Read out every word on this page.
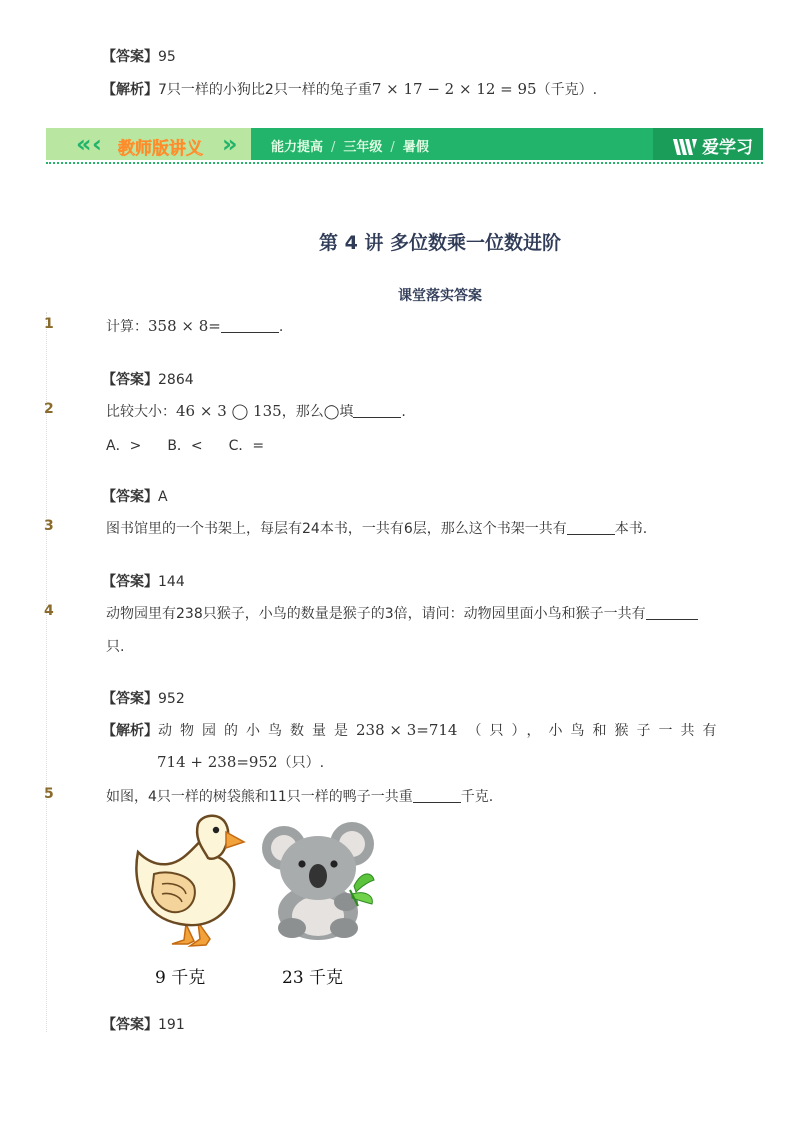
【答案】95
【解析】7只一样的小狗比2只一样的兔子重7 × 17 − 2 × 12 = 95（千克）.
« ‹ 教师版讲义 »	能力提高 / 三年级 / 暑假	爱学习
第 4 讲 多位数乘一位数进阶
课堂落实答案
1	计算：358 × 8=	.
【答案】2864
2	比较大小：46 × 3 ◯ 135，那么◯填	.
A．> B．< C．=
【答案】A
3	图书馆里的一个书架上，每层有24本书，一共有6层，那么这个书架一共有	本书.
【答案】144
4	动物园里有238只猴子，小鸟的数量是猴子的3倍，请问：动物园里面小鸟和猴子一共有
只.
【答案】952
【解析】动物园的小鸟数量是238 × 3=714 （只），小鸟和猴子一共有
714 + 238=952（只）.
5	如图，4只一样的树袋熊和11只一样的鸭子一共重	千克.
9 千克	23 千克
【答案】191
